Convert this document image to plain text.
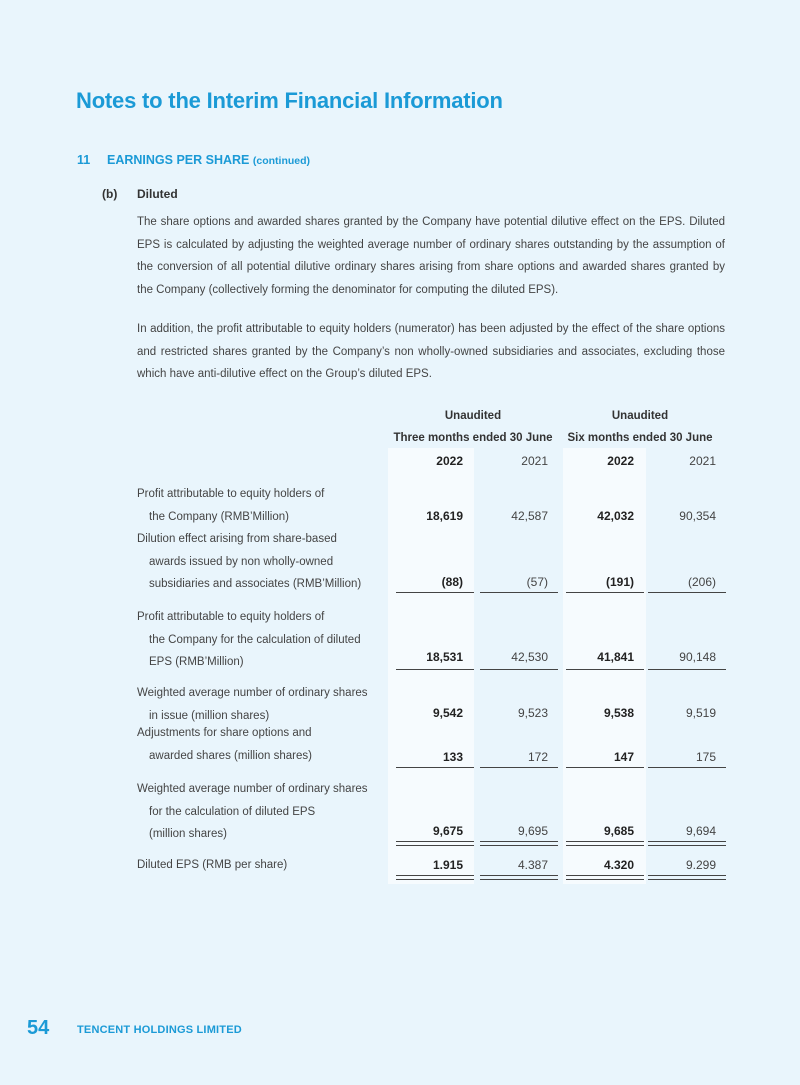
Notes to the Interim Financial Information
11 EARNINGS PER SHARE (continued)
(b) Diluted

The share options and awarded shares granted by the Company have potential dilutive effect on the EPS. Diluted EPS is calculated by adjusting the weighted average number of ordinary shares outstanding by the assumption of the conversion of all potential dilutive ordinary shares arising from share options and awarded shares granted by the Company (collectively forming the denominator for computing the diluted EPS).

In addition, the profit attributable to equity holders (numerator) has been adjusted by the effect of the share options and restricted shares granted by the Company’s non wholly-owned subsidiaries and associates, excluding those which have anti-dilutive effect on the Group’s diluted EPS.

Unaudited
Three months ended 30 June
Unaudited
Six months ended 30 June
2022	2021	2022	2021
Profit attributable to equity holders of
the Company (RMB’Million)	18,619	42,587	42,032	90,354
Dilution effect arising from share-based
awards issued by non wholly-owned
subsidiaries and associates (RMB’Million)	(88)	(57)	(191)	(206)
Profit attributable to equity holders of
the Company for the calculation of diluted
EPS (RMB’Million)	18,531	42,530	41,841	90,148
Weighted average number of ordinary shares
in issue (million shares)	9,542	9,523	9,538	9,519
Adjustments for share options and
awarded shares (million shares)	133	172	147	175
Weighted average number of ordinary shares
for the calculation of diluted EPS
(million shares)	9,675	9,695	9,685	9,694
Diluted EPS (RMB per share)	1.915	4.387	4.320	9.299
54	TENCENT HOLDINGS LIMITED
